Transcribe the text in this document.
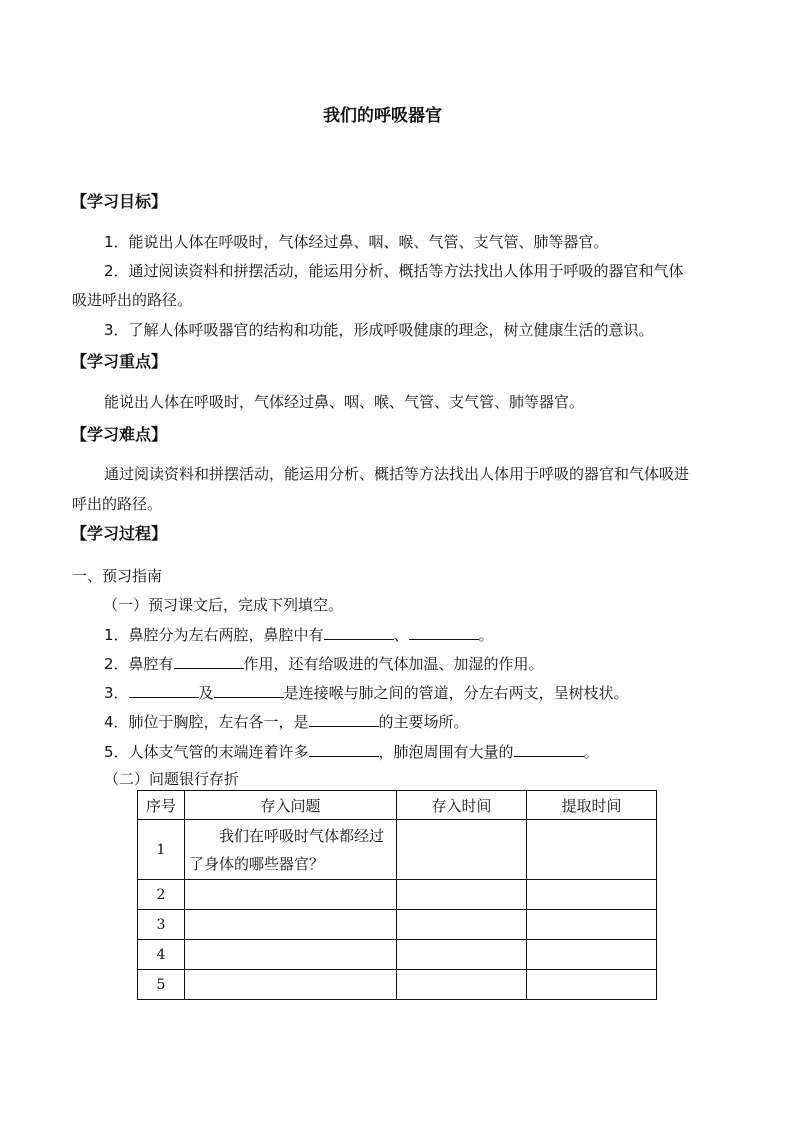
我们的呼吸器官
【学习目标】
1．能说出人体在呼吸时，气体经过鼻、咽、喉、气管、支气管、肺等器官。
2．通过阅读资料和拼摆活动，能运用分析、概括等方法找出人体用于呼吸的器官和气体
吸进呼出的路径。
3．了解人体呼吸器官的结构和功能，形成呼吸健康的理念，树立健康生活的意识。
【学习重点】
能说出人体在呼吸时，气体经过鼻、咽、喉、气管、支气管、肺等器官。
【学习难点】
通过阅读资料和拼摆活动，能运用分析、概括等方法找出人体用于呼吸的器官和气体吸进
呼出的路径。
【学习过程】
一、预习指南
（一）预习课文后，完成下列填空。
1．鼻腔分为左右两腔，鼻腔中有	、	。
2．鼻腔有	作用，还有给吸进的气体加温、加湿的作用。
3．	及	是连接喉与肺之间的管道，分左右两支，呈树枝状。
4．肺位于胸腔，左右各一，是	的主要场所。
5．人体支气管的末端连着许多	，肺泡周围有大量的	。
（二）问题银行存折
序号	存入问题	存入时间	提取时间
1	我们在呼吸时气体都经过了身体的哪些器官？		
2			
3			
4			
5			
